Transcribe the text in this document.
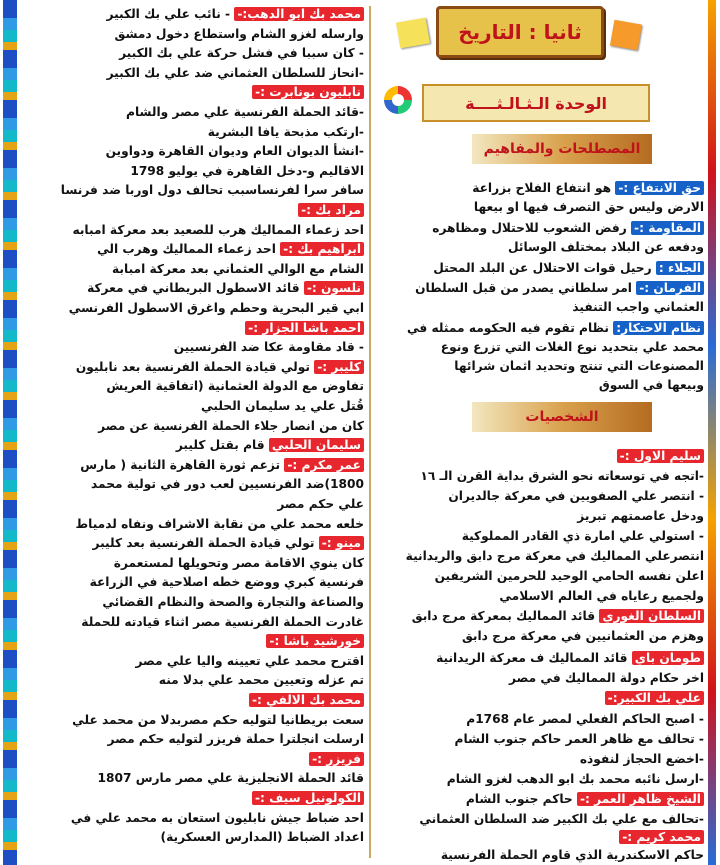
ثانيا : التاريخ
الوحدة الـثـالـثــــة
المصطلحات والمفاهيم
الشخصيات
حق الانتفاع :- هو انتفاع الفلاح بزراعة
الارض وليس حق التصرف فيها او بيعها
المقاومة :- رفض الشعوب للاحتلال ومظاهره
ودفعه عن البلاد بمختلف الوسائل
الجلاء : رحيل قوات الاحتلال عن البلد المحتل
الفرمان :- امر سلطاني يصدر من قبل السلطان
العثماني واجب التنفيذ
نظام الاحتكار: نظام تقوم فيه الحكومه ممثله في
محمد علي بتحديد نوع الغلات التي تزرع ونوع
المصنوعات التي تنتج وتحديد اثمان شرائها
وبيعها في السوق
سليم الاول :-
-اتجه في توسعاته نحو الشرق بداية القرن الـ ١٦
- انتصر علي الصفويين في معركة جالديران
ودخل عاصمتهم تبريز
- استولي علي امارة ذي القادر المملوكية
انتصرعلي المماليك في معركة مرج دابق والريدانية
اعلن نفسه الحامي الوحيد للحرمين الشريفين
ولجميع رعاياه في العالم الاسلامي
السلطان الغوري قائد المماليك بمعركة مرج دابق
وهزم من العثمانيين في معركة مرج دابق
طومان باي قائد المماليك ف معركة الريدانية
اخر حكام دولة المماليك في مصر
علي بك الكبير:-
- اصبح الحاكم الفعلي لمصر عام 1768م
- تحالف مع ظاهر العمر حاكم جنوب الشام
-اخضع الحجاز لنفوذه
-ارسل نائبه محمد بك ابو الدهب لغزو الشام
الشيخ ظاهر العمر :- حاكم جنوب الشام
-تحالف مع علي بك الكبير ضد السلطان العثماني
محمد كريم :-
حاكم الاسكندرية الذي قاوم الحملة الفرنسية
محمد بك ابو الدهب:- - نائب علي بك الكبير
وارسله لغزو الشام واستطاع دخول دمشق
- كان سببا في فشل حركة علي بك الكبير
-انحاز للسلطان العثماني ضد علي بك الكبير
نابليون بونابرت :-
-قائد الحملة الفرنسية علي مصر والشام
-ارتكب مذبحة يافا البشرية
-انشأ الديوان العام وديوان القاهرة ودواوين
الاقاليم و-دخل القاهرة في يوليو 1798
سافر سرا لفرنساسبب تحالف دول اوربا ضد فرنسا
مراد بك :-
احد زعماء المماليك هرب للصعيد بعد معركة امبابه
ابراهيم بك :- احد زعماء المماليك وهرب الي
الشام مع الوالي العثماني بعد معركة امبابة
نلسون :- قائد الاسطول البريطاني في معركة
ابي قير البحرية وحطم واغرق الاسطول الفرنسي
احمد باشا الجزار :-
- قاد مقاومة عكا ضد الفرنسيين
كليبر :- تولي قيادة الحملة الفرنسية بعد نابليون
تفاوض مع الدولة العثمانية (اتفاقية العريش
قُتل علي يد سليمان الحلبي
كان من انصار جلاء الحملة الفرنسية عن مصر
سليمان الحلبي قام بقتل كليبر
عمر مكرم :- تزعم ثورة القاهرة الثانية ( مارس
1800)ضد الفرنسيين لعب دور في تولية محمد
علي حكم مصر
خلعه محمد علي من نقابة الاشراف ونفاه لدمياط
مينو :- تولي قيادة الحملة الفرنسية بعد كليبر
كان ينوي الاقامة مصر وتحويلها لمستعمرة
فرنسية كبري ووضع خطه اصلاحية في الزراعة
والصناعة والتجارة والصحة والنظام القضائي
غادرت الحملة الفرنسية مصر اثناء قيادته للحملة
خورشيد باشا :-
اقترح محمد علي تعيينه واليا علي مصر
تم عزله وتعيين محمد علي بدلا منه
محمد بك الالفي :-
سعت بريطانيا لتوليه حكم مصربدلا من محمد علي
ارسلت انجلترا حملة فريزر لتوليه حكم مصر
فريزر :-
قائد الحملة الانجليزية علي مصر مارس 1807
الكولونيل سيف :-
احد ضباط جيش نابليون استعان به محمد علي في
اعداد الضباط (المدارس العسكرية)
